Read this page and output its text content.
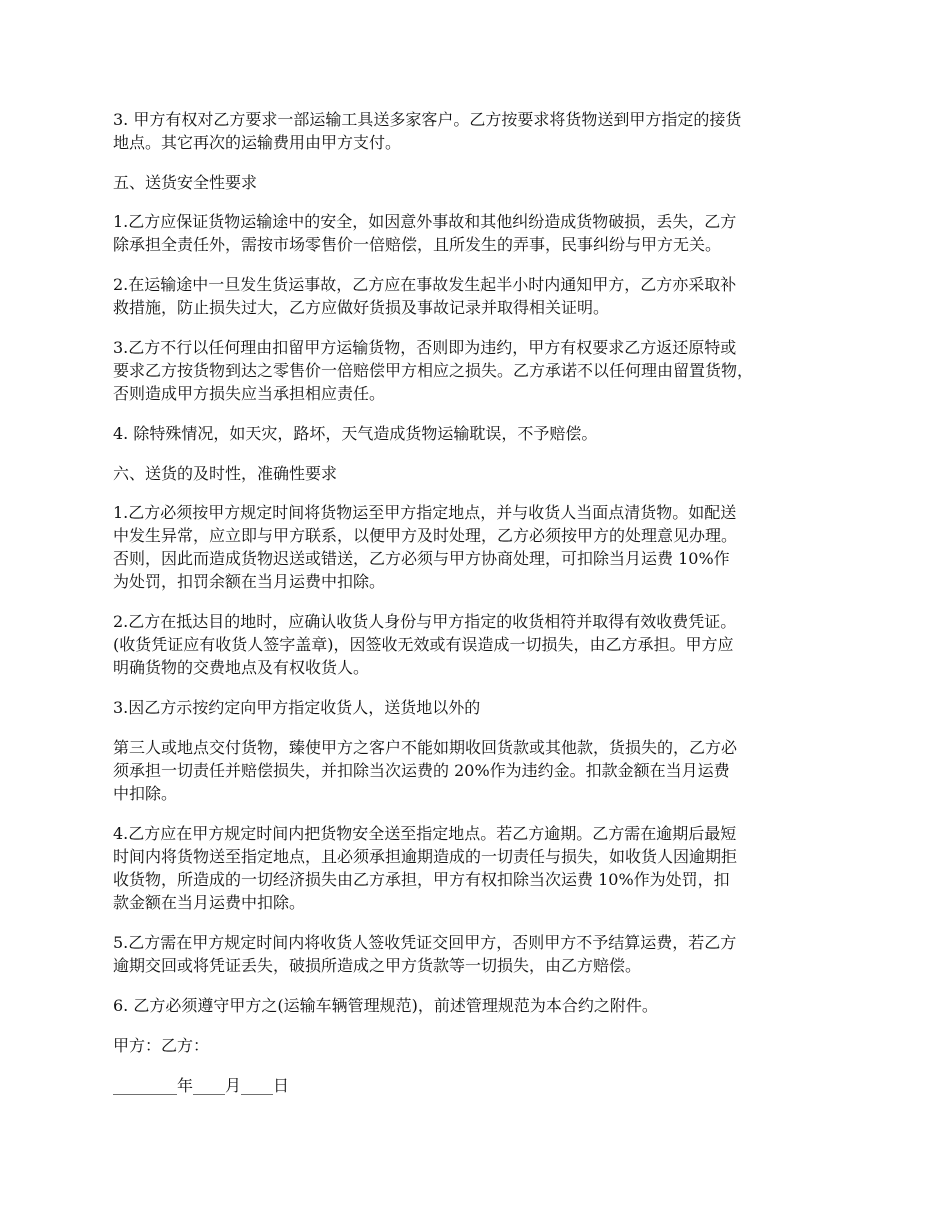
3. 甲方有权对乙方要求一部运输工具送多家客户。乙方按要求将货物送到甲方指定的接货
地点。其它再次的运输费用由甲方支付。

五、送货安全性要求

1.乙方应保证货物运输途中的安全，如因意外事故和其他纠纷造成货物破损，丢失，乙方
除承担全责任外，需按市场零售价一倍赔偿，且所发生的弄事，民事纠纷与甲方无关。

2.在运输途中一旦发生货运事故，乙方应在事故发生起半小时内通知甲方，乙方亦采取补
救措施，防止损失过大，乙方应做好货损及事故记录并取得相关证明。

3.乙方不行以任何理由扣留甲方运输货物，否则即为违约，甲方有权要求乙方返还原特或
要求乙方按货物到达之零售价一倍赔偿甲方相应之损失。乙方承诺不以任何理由留置货物，
否则造成甲方损失应当承担相应责任。

4. 除特殊情况，如天灾，路坏，天气造成货物运输耽误，不予赔偿。

六、送货的及时性，准确性要求

1.乙方必须按甲方规定时间将货物运至甲方指定地点，并与收货人当面点清货物。如配送
中发生异常，应立即与甲方联系，以便甲方及时处理，乙方必须按甲方的处理意见办理。
否则，因此而造成货物迟送或错送，乙方必须与甲方协商处理，可扣除当月运费 10%作
为处罚，扣罚余额在当月运费中扣除。

2.乙方在抵达目的地时，应确认收货人身份与甲方指定的收货相符并取得有效收费凭证。
(收货凭证应有收货人签字盖章)，因签收无效或有误造成一切损失，由乙方承担。甲方应
明确货物的交费地点及有权收货人。

3.因乙方示按约定向甲方指定收货人，送货地以外的

第三人或地点交付货物，臻使甲方之客户不能如期收回货款或其他款，货损失的，乙方必
须承担一切责任并赔偿损失，并扣除当次运费的 20%作为违约金。扣款金额在当月运费
中扣除。

4.乙方应在甲方规定时间内把货物安全送至指定地点。若乙方逾期。乙方需在逾期后最短
时间内将货物送至指定地点，且必须承担逾期造成的一切责任与损失，如收货人因逾期拒
收货物，所造成的一切经济损失由乙方承担，甲方有权扣除当次运费 10%作为处罚，扣
款金额在当月运费中扣除。

5.乙方需在甲方规定时间内将收货人签收凭证交回甲方，否则甲方不予结算运费，若乙方
逾期交回或将凭证丢失，破损所造成之甲方货款等一切损失，由乙方赔偿。

6. 乙方必须遵守甲方之(运输车辆管理规范)，前述管理规范为本合约之附件。

甲方：乙方：

________年____月____日
